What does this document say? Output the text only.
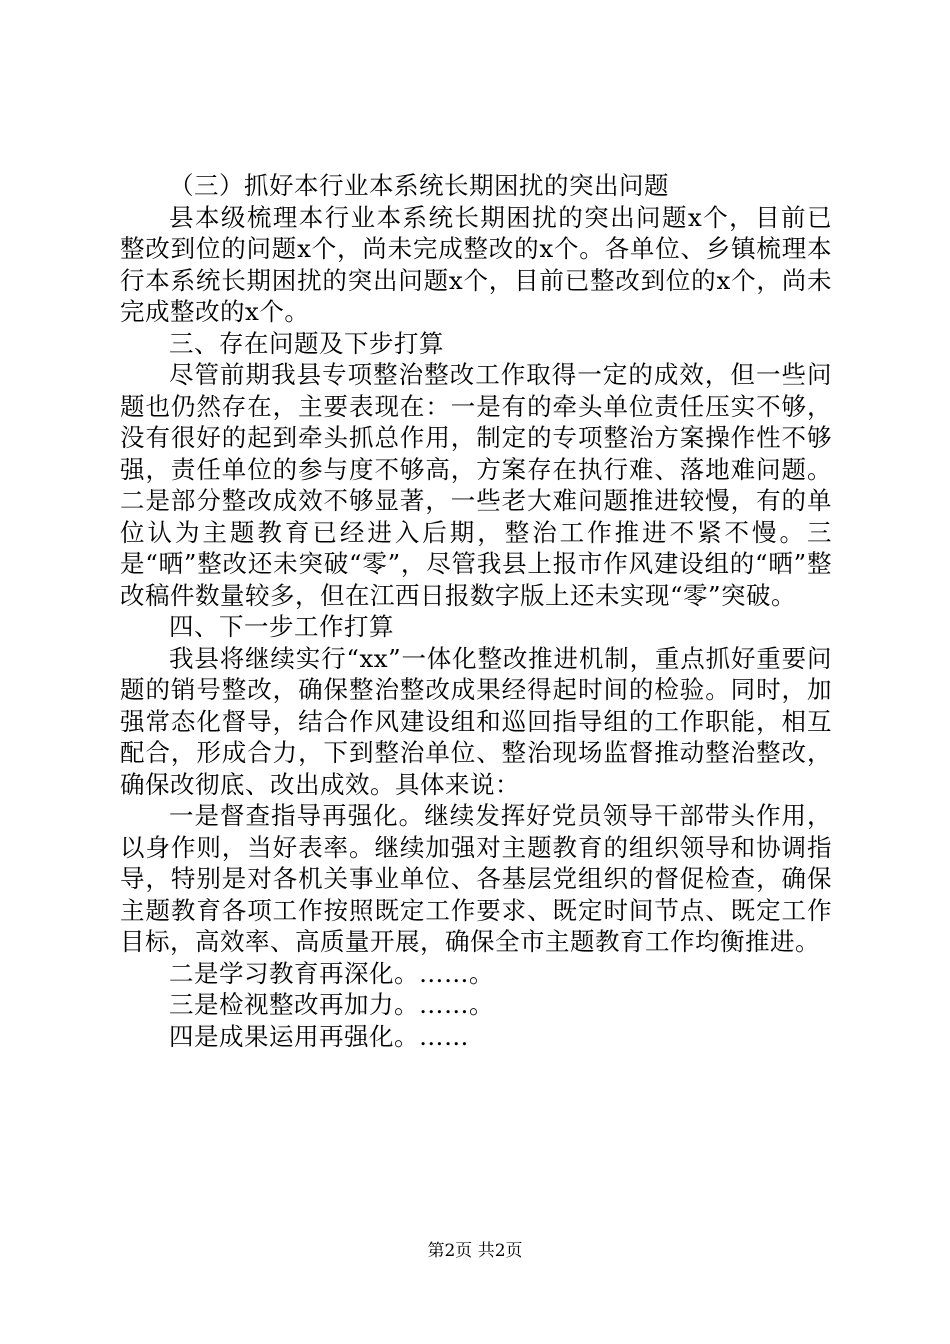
（三）抓好本行业本系统长期困扰的突出问题

县本级梳理本行业本系统长期困扰的突出问题x个，目前已整改到位的问题x个，尚未完成整改的x个。各单位、乡镇梳理本行本系统长期困扰的突出问题x个，目前已整改到位的x个，尚未完成整改的x个。

三、存在问题及下步打算

尽管前期我县专项整治整改工作取得一定的成效，但一些问题也仍然存在，主要表现在：一是有的牵头单位责任压实不够，没有很好的起到牵头抓总作用，制定的专项整治方案操作性不够强，责任单位的参与度不够高，方案存在执行难、落地难问题。二是部分整改成效不够显著，一些老大难问题推进较慢，有的单位认为主题教育已经进入后期，整治工作推进不紧不慢。三是“晒”整改还未突破“零”，尽管我县上报市作风建设组的“晒”整改稿件数量较多，但在江西日报数字版上还未实现“零”突破。

四、下一步工作打算

我县将继续实行“xx”一体化整改推进机制，重点抓好重要问题的销号整改，确保整治整改成果经得起时间的检验。同时，加强常态化督导，结合作风建设组和巡回指导组的工作职能，相互配合，形成合力，下到整治单位、整治现场监督推动整治整改，确保改彻底、改出成效。具体来说：

一是督查指导再强化。继续发挥好党员领导干部带头作用，以身作则，当好表率。继续加强对主题教育的组织领导和协调指导，特别是对各机关事业单位、各基层党组织的督促检查，确保主题教育各项工作按照既定工作要求、既定时间节点、既定工作目标，高效率、高质量开展，确保全市主题教育工作均衡推进。

二是学习教育再深化。……。

三是检视整改再加力。……。

四是成果运用再强化。……

第2页 共2页
